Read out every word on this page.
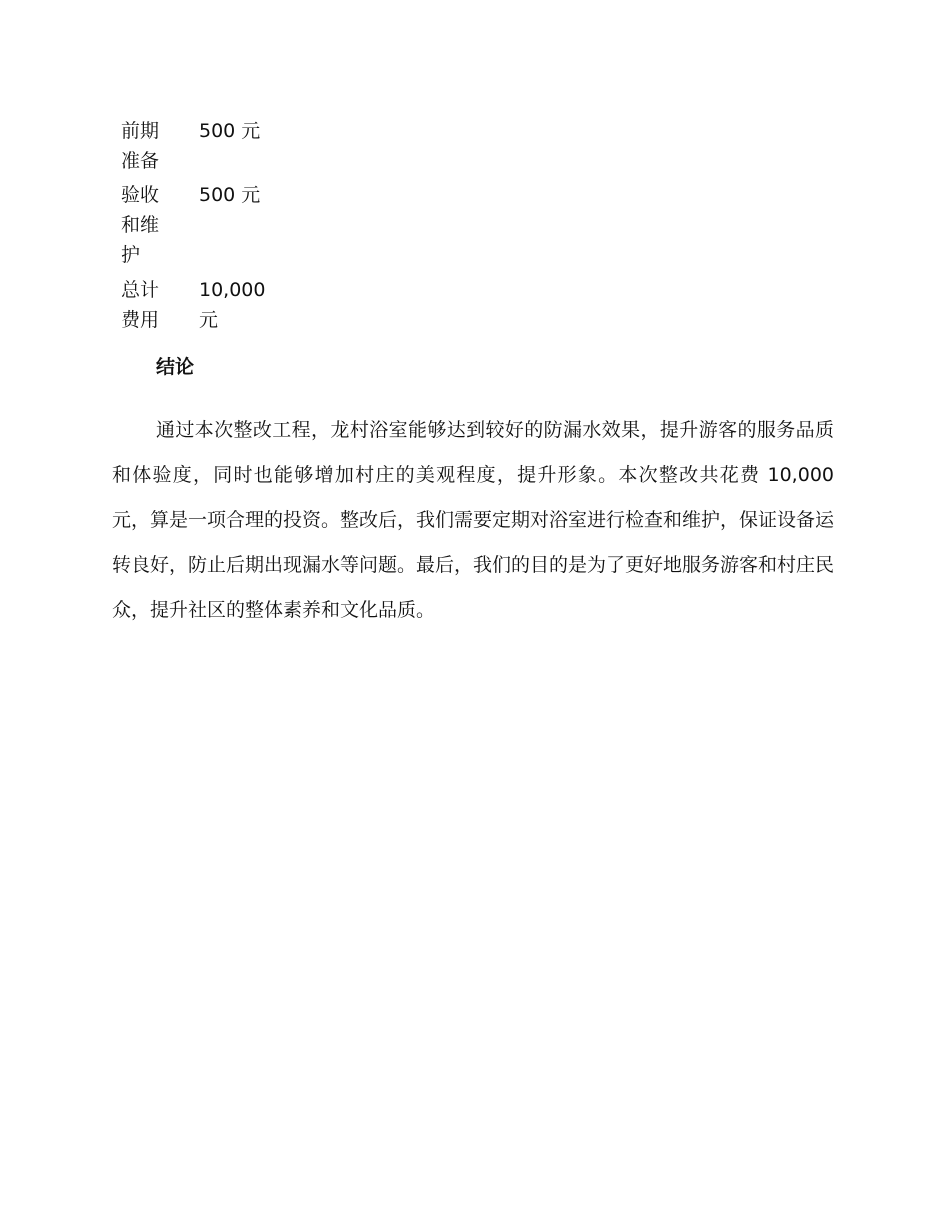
前期准备	500 元
验收和维护	500 元
总计费用	10,000 元
结论

通过本次整改工程，龙村浴室能够达到较好的防漏水效果，提升游客的服务品质和体验度，同时也能够增加村庄的美观程度，提升形象。本次整改共花费 10,000 元，算是一项合理的投资。整改后，我们需要定期对浴室进行检查和维护，保证设备运转良好，防止后期出现漏水等问题。最后，我们的目的是为了更好地服务游客和村庄民众，提升社区的整体素养和文化品质。
